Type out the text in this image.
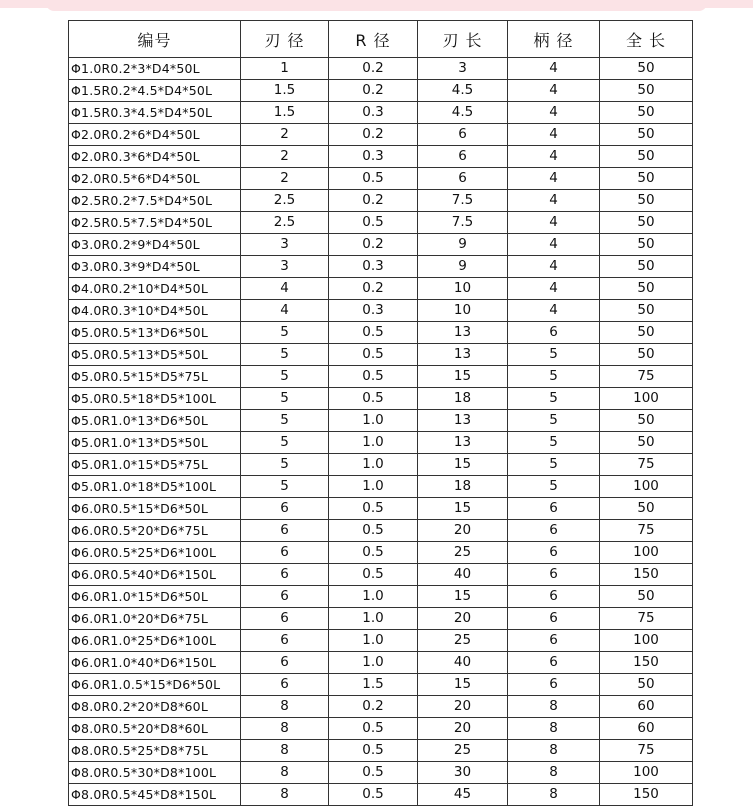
编号	刃 径	R 径	刃 长	柄 径	全 长
Φ1.0R0.2*3*D4*50L	1	0.2	3	4	50
Φ1.5R0.2*4.5*D4*50L	1.5	0.2	4.5	4	50
Φ1.5R0.3*4.5*D4*50L	1.5	0.3	4.5	4	50
Φ2.0R0.2*6*D4*50L	2	0.2	6	4	50
Φ2.0R0.3*6*D4*50L	2	0.3	6	4	50
Φ2.0R0.5*6*D4*50L	2	0.5	6	4	50
Φ2.5R0.2*7.5*D4*50L	2.5	0.2	7.5	4	50
Φ2.5R0.5*7.5*D4*50L	2.5	0.5	7.5	4	50
Φ3.0R0.2*9*D4*50L	3	0.2	9	4	50
Φ3.0R0.3*9*D4*50L	3	0.3	9	4	50
Φ4.0R0.2*10*D4*50L	4	0.2	10	4	50
Φ4.0R0.3*10*D4*50L	4	0.3	10	4	50
Φ5.0R0.5*13*D6*50L	5	0.5	13	6	50
Φ5.0R0.5*13*D5*50L	5	0.5	13	5	50
Φ5.0R0.5*15*D5*75L	5	0.5	15	5	75
Φ5.0R0.5*18*D5*100L	5	0.5	18	5	100
Φ5.0R1.0*13*D6*50L	5	1.0	13	5	50
Φ5.0R1.0*13*D5*50L	5	1.0	13	5	50
Φ5.0R1.0*15*D5*75L	5	1.0	15	5	75
Φ5.0R1.0*18*D5*100L	5	1.0	18	5	100
Φ6.0R0.5*15*D6*50L	6	0.5	15	6	50
Φ6.0R0.5*20*D6*75L	6	0.5	20	6	75
Φ6.0R0.5*25*D6*100L	6	0.5	25	6	100
Φ6.0R0.5*40*D6*150L	6	0.5	40	6	150
Φ6.0R1.0*15*D6*50L	6	1.0	15	6	50
Φ6.0R1.0*20*D6*75L	6	1.0	20	6	75
Φ6.0R1.0*25*D6*100L	6	1.0	25	6	100
Φ6.0R1.0*40*D6*150L	6	1.0	40	6	150
Φ6.0R1.0.5*15*D6*50L	6	1.5	15	6	50
Φ8.0R0.2*20*D8*60L	8	0.2	20	8	60
Φ8.0R0.5*20*D8*60L	8	0.5	20	8	60
Φ8.0R0.5*25*D8*75L	8	0.5	25	8	75
Φ8.0R0.5*30*D8*100L	8	0.5	30	8	100
Φ8.0R0.5*45*D8*150L	8	0.5	45	8	150
